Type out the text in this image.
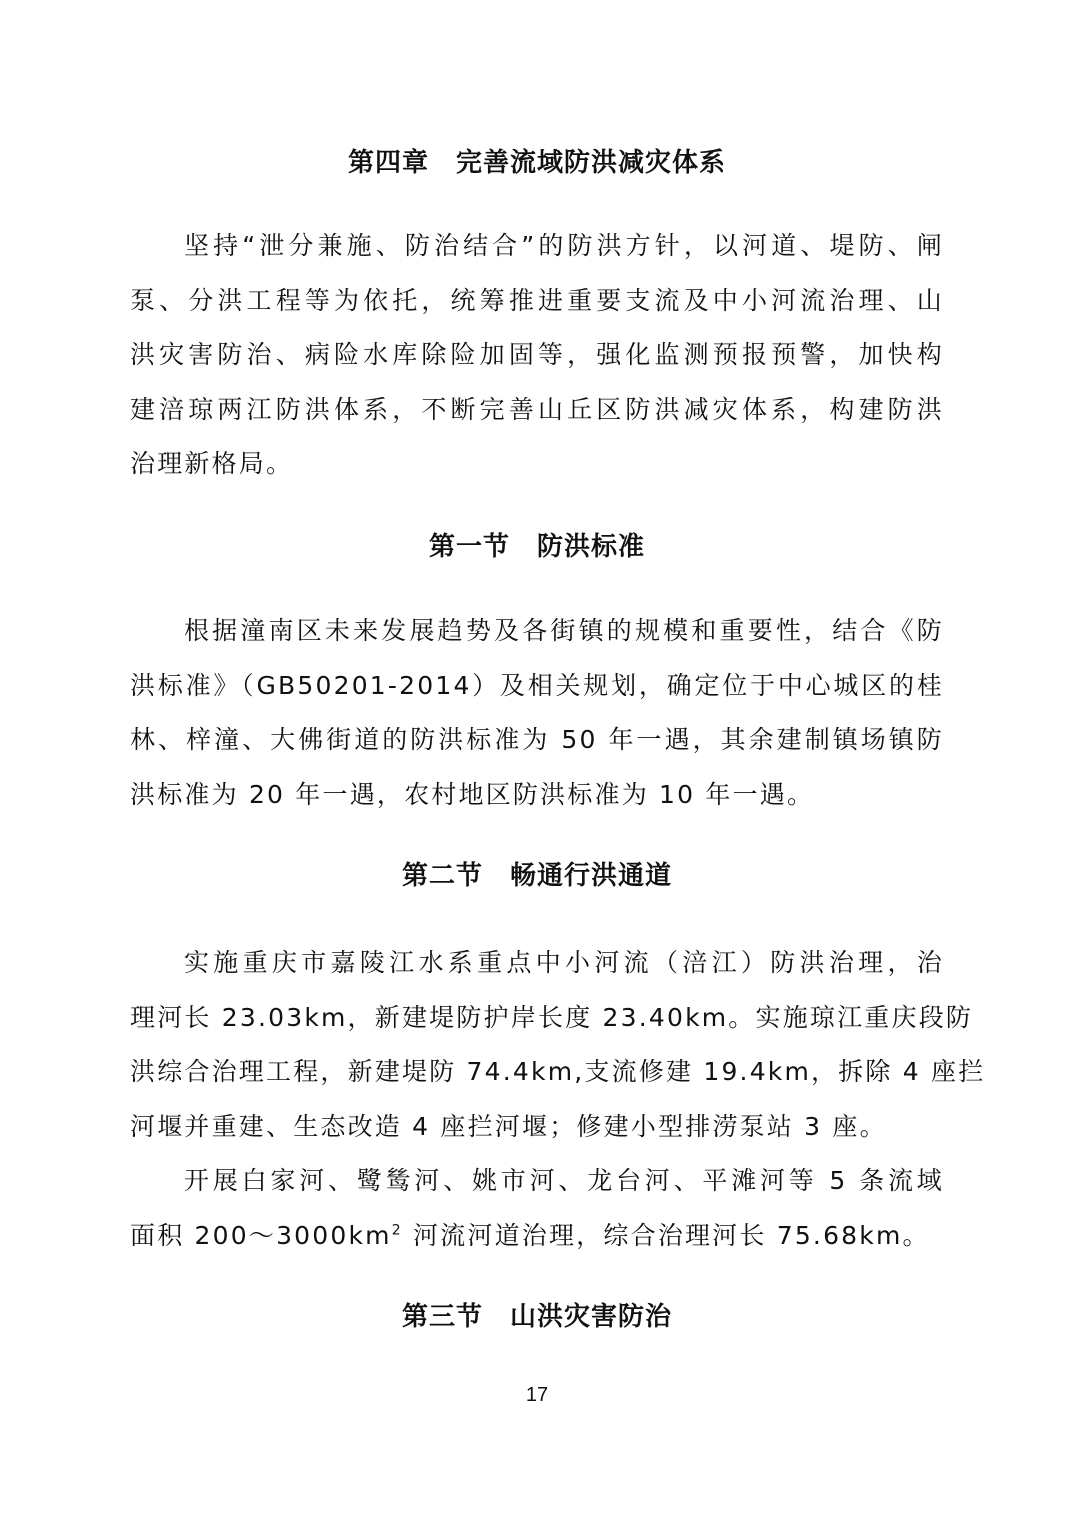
第四章　完善流域防洪减灾体系
坚持“泄分兼施、防治结合”的防洪方针，以河道、堤防、闸
泵、分洪工程等为依托，统筹推进重要支流及中小河流治理、山
洪灾害防治、病险水库除险加固等，强化监测预报预警，加快构
建涪琼两江防洪体系，不断完善山丘区防洪减灾体系，构建防洪
治理新格局。
第一节　防洪标准
根据潼南区未来发展趋势及各街镇的规模和重要性，结合《防
洪标准》（GB50201-2014）及相关规划，确定位于中心城区的桂
林、梓潼、大佛街道的防洪标准为 50 年一遇，其余建制镇场镇防
洪标准为 20 年一遇，农村地区防洪标准为 10 年一遇。
第二节　畅通行洪通道
实施重庆市嘉陵江水系重点中小河流（涪江）防洪治理，治
理河长 23.03km，新建堤防护岸长度 23.40km。实施琼江重庆段防
洪综合治理工程，新建堤防 74.4km,支流修建 19.4km，拆除 4 座拦
河堰并重建、生态改造 4 座拦河堰；修建小型排涝泵站 3 座。
开展白家河、鹭鸶河、姚市河、龙台河、平滩河等 5 条流域
面积 $200\sim 3000km^2$ 河流河道治理，综合治理河长 75.68km。
第三节　山洪灾害防治
17
